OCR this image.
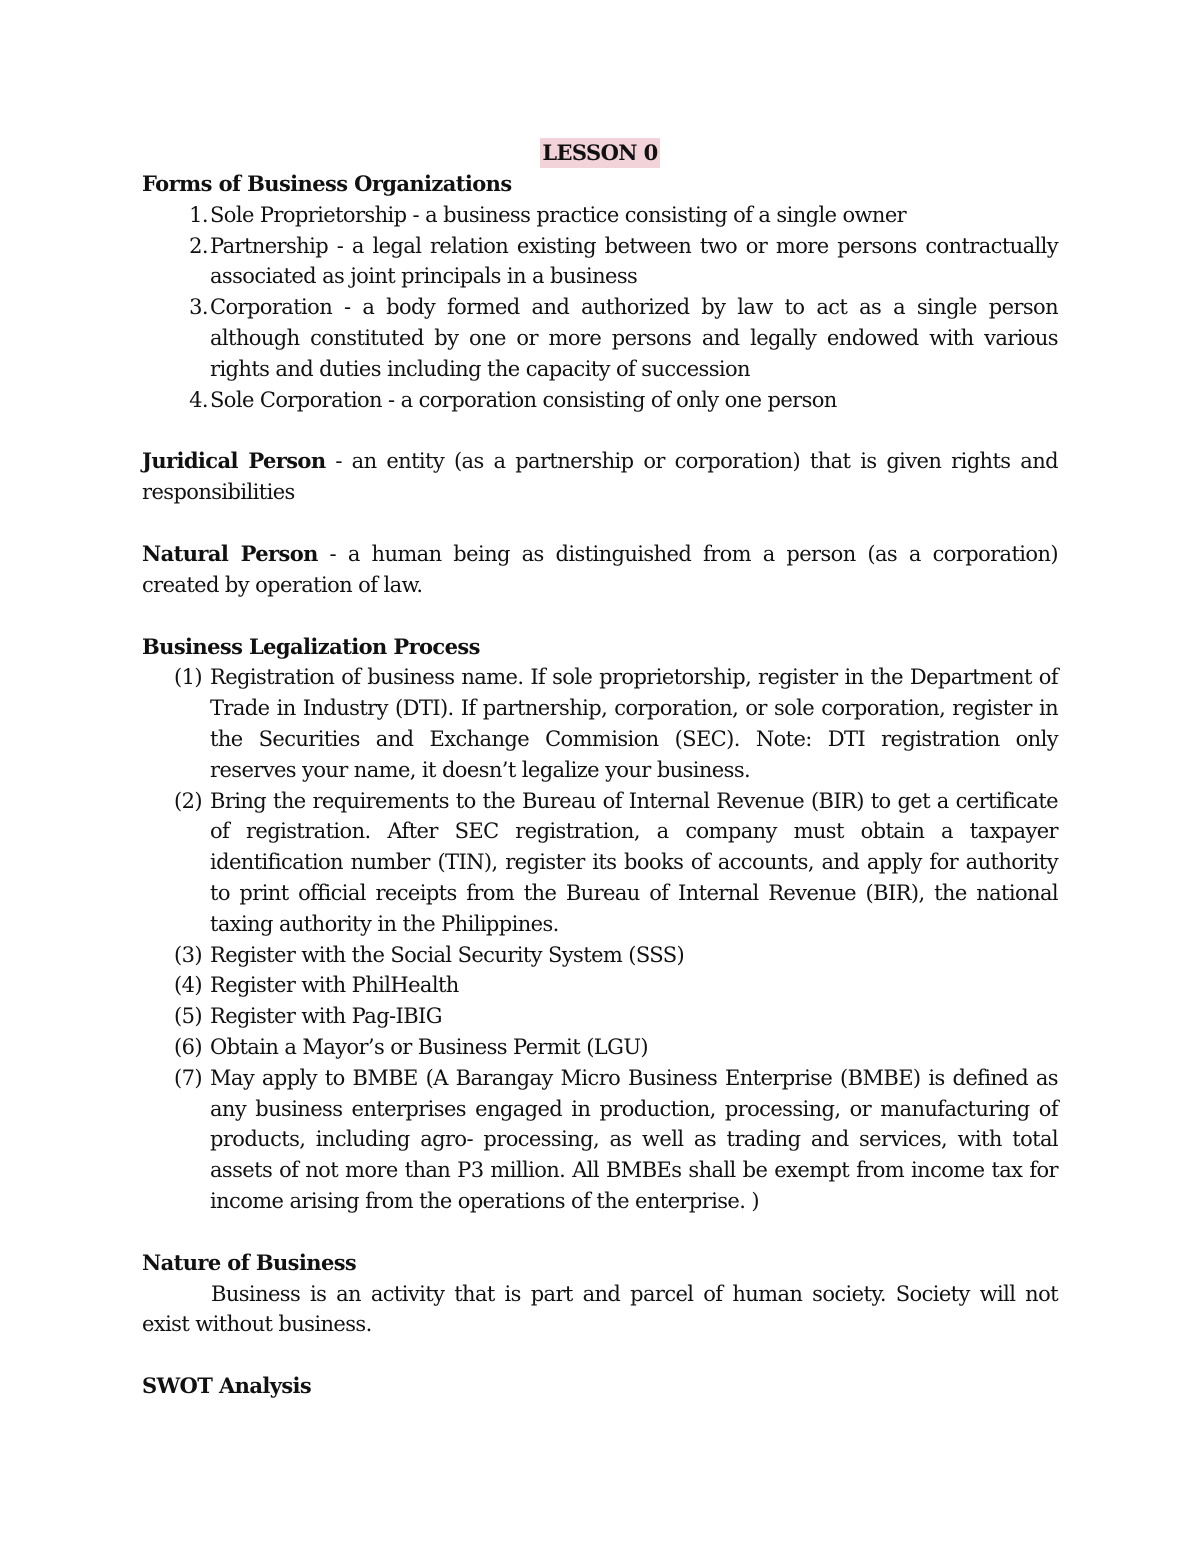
LESSON 0
Forms of Business Organizations
1. Sole Proprietorship - a business practice consisting of a single owner
2. Partnership - a legal relation existing between two or more persons contractually associated as joint principals in a business
3. Corporation - a body formed and authorized by law to act as a single person although constituted by one or more persons and legally endowed with various rights and duties including the capacity of succession
4. Sole Corporation - a corporation consisting of only one person
Juridical Person - an entity (as a partnership or corporation) that is given rights and responsibilities
Natural Person - a human being as distinguished from a person (as a corporation) created by operation of law.
Business Legalization Process
(1) Registration of business name. If sole proprietorship, register in the Department of Trade in Industry (DTI). If partnership, corporation, or sole corporation, register in the Securities and Exchange Commision (SEC). Note: DTI registration only reserves your name, it doesn’t legalize your business.
(2) Bring the requirements to the Bureau of Internal Revenue (BIR) to get a certificate of registration. After SEC registration, a company must obtain a taxpayer identification number (TIN), register its books of accounts, and apply for authority to print official receipts from the Bureau of Internal Revenue (BIR), the national taxing authority in the Philippines.
(3) Register with the Social Security System (SSS)
(4) Register with PhilHealth
(5) Register with Pag-IBIG
(6) Obtain a Mayor’s or Business Permit (LGU)
(7) May apply to BMBE (A Barangay Micro Business Enterprise (BMBE) is defined as any business enterprises engaged in production, processing, or manufacturing of products, including agro- processing, as well as trading and services, with total assets of not more than P3 million. All BMBEs shall be exempt from income tax for income arising from the operations of the enterprise. )
Nature of Business
Business is an activity that is part and parcel of human society. Society will not exist without business.
SWOT Analysis
